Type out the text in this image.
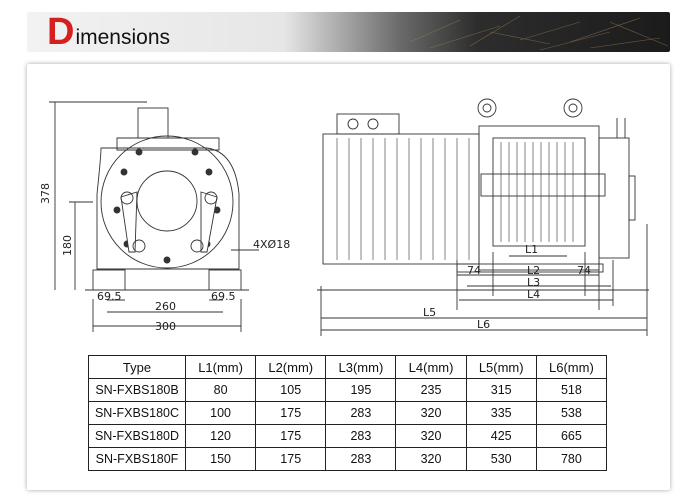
D imensions
378
180	4XØ18
69.5
260
69.5
300
74
L1
L2	74
L3
L4
L5
L6
Type	L1(mm)	L2(mm)	L3(mm)	L4(mm)	L5(mm)	L6(mm)
SN-FXBS180B	80	105	195	235	315	518
SN-FXBS180C	100	175	283	320	335	538
SN-FXBS180D	120	175	283	320	425	665
SN-FXBS180F	150	175	283	320	530	780
